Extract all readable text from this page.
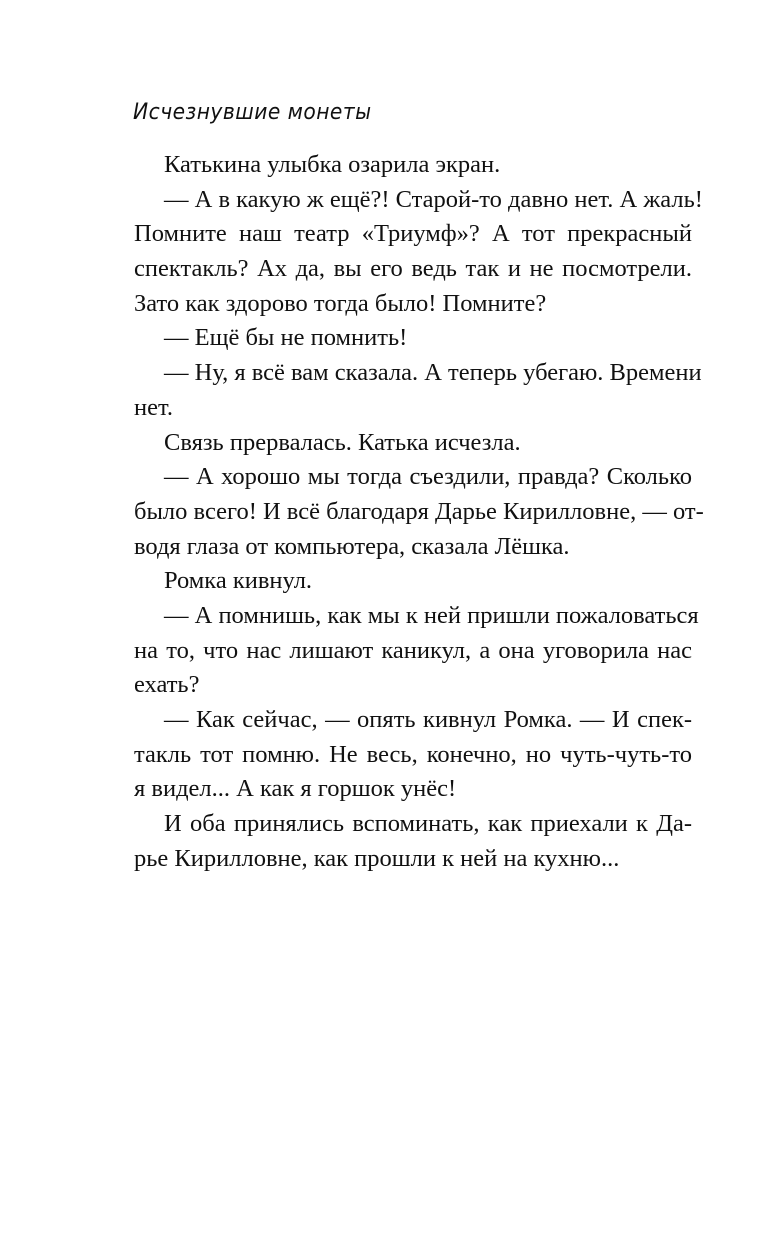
Исчезнувшие монеты
Катькина улыбка озарила экран.
— А в какую ж ещё?! Старой-то давно нет. А жаль!
Помните наш театр «Триумф»? А тот прекрасный
спектакль? Ах да, вы его ведь так и не посмотрели.
Зато как здорово тогда было! Помните?
— Ещё бы не помнить!
— Ну, я всё вам сказала. А теперь убегаю. Времени
нет.
Связь прервалась. Катька исчезла.
— А хорошо мы тогда съездили, правда? Сколько
было всего! И всё благодаря Дарье Кирилловне, — от-
водя глаза от компьютера, сказала Лёшка.
Ромка кивнул.
— А помнишь, как мы к ней пришли пожаловаться
на то, что нас лишают каникул, а она уговорила нас
ехать?
— Как сейчас, — опять кивнул Ромка. — И спек-
такль тот помню. Не весь, конечно, но чуть-чуть-то
я видел... А как я горшок унёс!
И оба принялись вспоминать, как приехали к Да-
рье Кирилловне, как прошли к ней на кухню...
